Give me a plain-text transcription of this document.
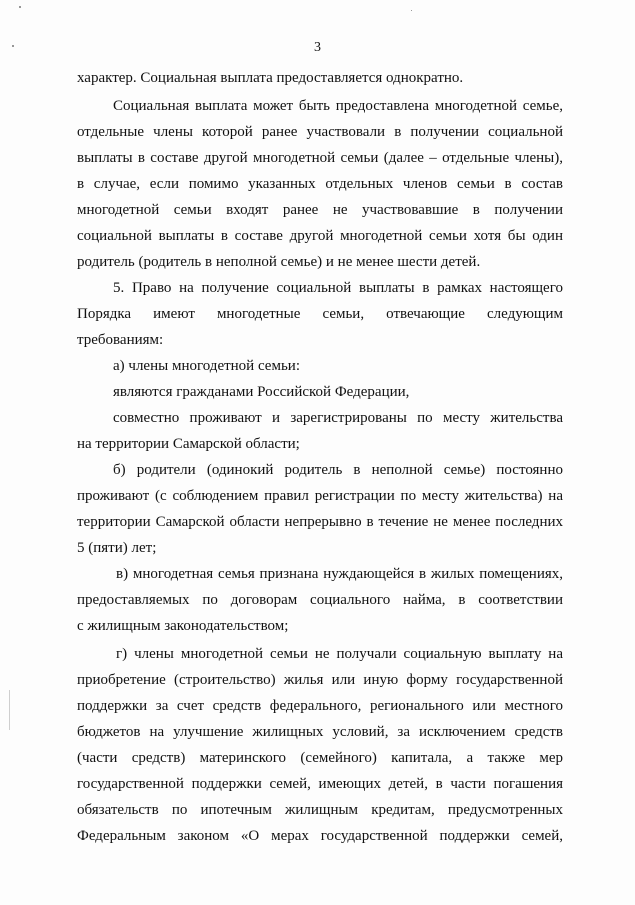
3
характер. Социальная выплата предоставляется однократно.
Социальная выплата может быть предоставлена многодетной семье,
отдельные члены которой ранее участвовали в получении социальной
выплаты в составе другой многодетной семьи (далее – отдельные члены),
в случае, если помимо указанных отдельных членов семьи в состав
многодетной семьи входят ранее не участвовавшие в получении
социальной выплаты в составе другой многодетной семьи хотя бы один
родитель (родитель в неполной семье) и не менее шести детей.
5. Право на получение социальной выплаты в рамках настоящего
Порядка имеют многодетные семьи, отвечающие следующим
требованиям:
а) члены многодетной семьи:
являются гражданами Российской Федерации,
совместно проживают и зарегистрированы по месту жительства
на территории Самарской области;
б) родители (одинокий родитель в неполной семье) постоянно
проживают (с соблюдением правил регистрации по месту жительства) на
территории Самарской области непрерывно в течение не менее последних
5 (пяти) лет;
в) многодетная семья признана нуждающейся в жилых помещениях,
предоставляемых по договорам социального найма, в соответствии
с жилищным законодательством;
г) члены многодетной семьи не получали социальную выплату на
приобретение (строительство) жилья или иную форму государственной
поддержки за счет средств федерального, регионального или местного
бюджетов на улучшение жилищных условий, за исключением средств
(части средств) материнского (семейного) капитала, а также мер
государственной поддержки семей, имеющих детей, в части погашения
обязательств по ипотечным жилищным кредитам, предусмотренных
Федеральным законом «О мерах государственной поддержки семей,
